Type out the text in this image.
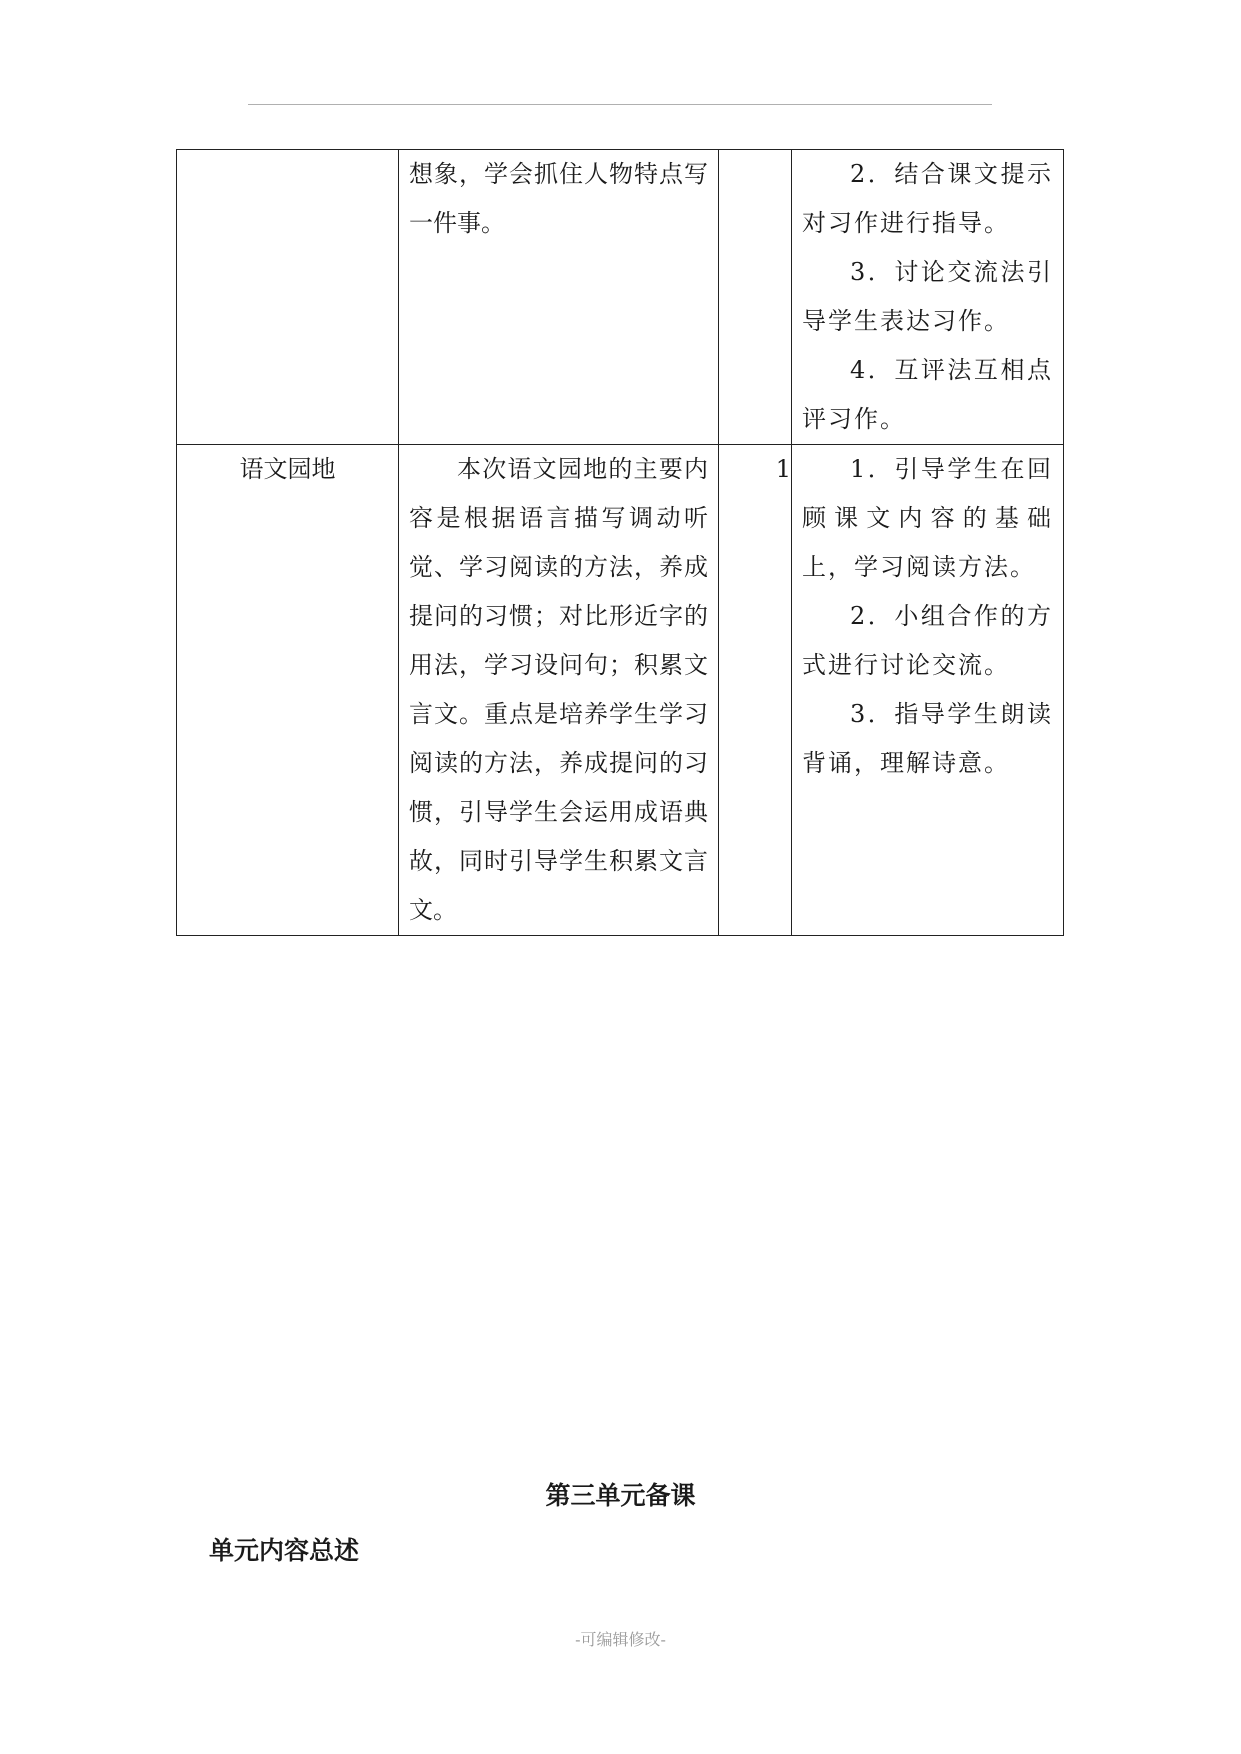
	想象，学会抓住人物特点写一件事。		2．结合课文提示对习作进行指导。
3．讨论交流法引导学生表达习作。
4．互评法互相点评习作。

语文园地	本次语文园地的主要内容是根据语言描写调动听觉、学习阅读的方法，养成提问的习惯；对比形近字的用法，学习设问句；积累文言文。重点是培养学生学习阅读的方法，养成提问的习惯，引导学生会运用成语典故，同时引导学生积累文言文。	1	1．引导学生在回顾课文内容的基础上，学习阅读方法。
2．小组合作的方式进行讨论交流。
3．指导学生朗读背诵，理解诗意。
第三单元备课
单元内容总述
-可编辑修改-
